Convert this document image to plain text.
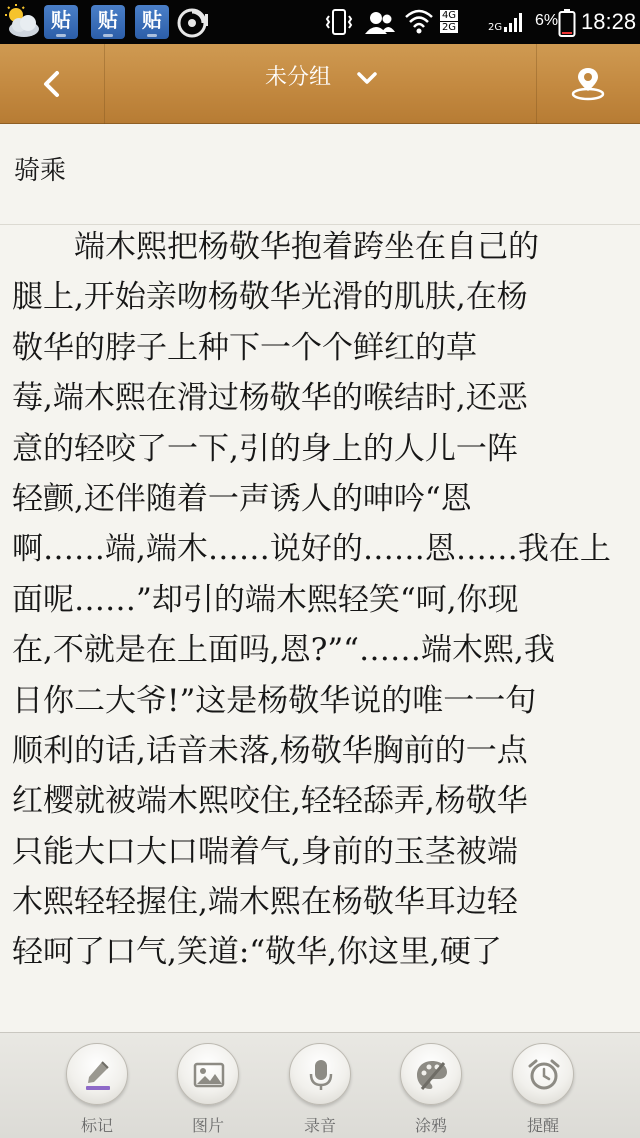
贴	贴	贴	4G
2G	2G 6% 18:28
未分组
骑乘
　　端木熙把杨敬华抱着跨坐在自己的
腿上,开始亲吻杨敬华光滑的肌肤,在杨
敬华的脖子上种下一个个鲜红的草
莓,端木熙在滑过杨敬华的喉结时,还恶
意的轻咬了一下,引的身上的人儿一阵
轻颤,还伴随着一声诱人的呻吟“恩
啊……端,端木……说好的……恩……我在上
面呢……”却引的端木熙轻笑“呵,你现
在,不就是在上面吗,恩?”“……端木熙,我
日你二大爷!”这是杨敬华说的唯一一句
顺利的话,话音未落,杨敬华胸前的一点
红樱就被端木熙咬住,轻轻舔弄,杨敬华
只能大口大口喘着气,身前的玉茎被端
木熙轻轻握住,端木熙在杨敬华耳边轻
轻呵了口气,笑道:“敬华,你这里,硬了
标记	图片	录音	涂鸦	提醒
